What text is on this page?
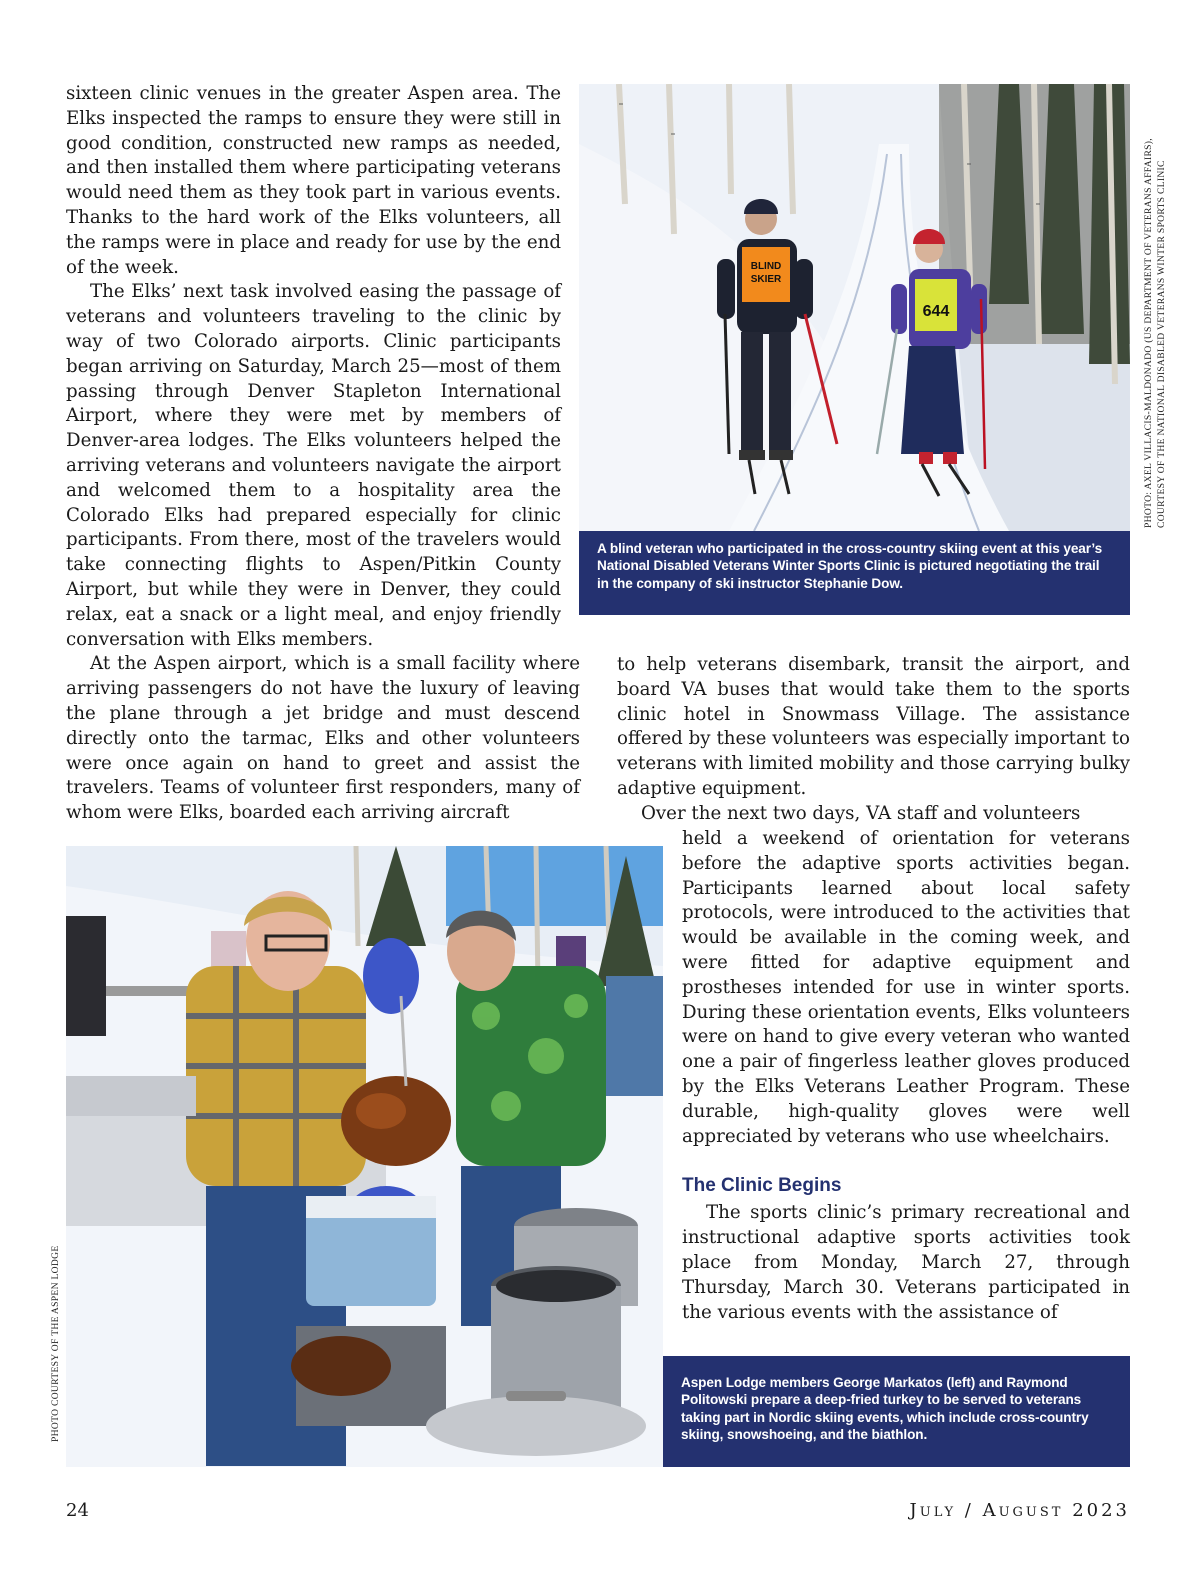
sixteen clinic venues in the greater Aspen area. The Elks inspected the ramps to ensure they were still in good condition, constructed new ramps as needed, and then installed them where participating veterans would need them as they took part in various events. Thanks to the hard work of the Elks volunteers, all the ramps were in place and ready for use by the end of the week.

The Elks’ next task involved easing the passage of veterans and volunteers traveling to the clinic by way of two Colorado airports. Clinic participants began arriving on Saturday, March 25—most of them passing through Denver Stapleton International Airport, where they were met by members of Denver-area lodges. The Elks volunteers helped the arriving veterans and volunteers navigate the airport and welcomed them to a hospitality area the Colorado Elks had prepared especially for clinic participants. From there, most of the travelers would take connecting flights to Aspen/Pitkin County Airport, but while they were in Denver, they could relax, eat a snack or a light meal, and enjoy friendly conversation with Elks members.

At the Aspen airport, which is a small facility where arriving passengers do not have the luxury of leaving the plane through a jet bridge and must descend directly onto the tarmac, Elks and other volunteers were once again on hand to greet and assist the travelers. Teams of volunteer first responders, many of whom were Elks, boarded each arriving aircraft

BLIND
SKIER
644
A blind veteran who participated in the cross-country skiing event at this year’s National Disabled Veterans Winter Sports Clinic is pictured negotiating the trail in the company of ski instructor Stephanie Dow.
PHOTO: AXEL VILLACIS-MALDONADO (US DEPARTMENT OF VETERANS AFFAIRS), COURTESY OF THE NATIONAL DISABLED VETERANS WINTER SPORTS CLINIC

to help veterans disembark, transit the airport, and board VA buses that would take them to the sports clinic hotel in Snowmass Village. The assistance offered by these volunteers was especially important to veterans with limited mobility and those carrying bulky adaptive equipment.

Over the next two days, VA staff and volunteers

held a weekend of orientation for veterans before the adaptive sports activities began. Participants learned about local safety protocols, were introduced to the activities that would be available in the coming week, and were fitted for adaptive equipment and prostheses intended for use in winter sports. During these orientation events, Elks volunteers were on hand to give every veteran who wanted one a pair of fingerless leather gloves produced by the Elks Veterans Leather Program. These durable, high-quality gloves were well appreciated by veterans who use wheelchairs.

The Clinic Begins

The sports clinic’s primary recreational and instructional adaptive sports activities took place from Monday, March 27, through Thursday, March 30. Veterans participated in the various events with the assistance of

Aspen Lodge members George Markatos (left) and Raymond Politowski prepare a deep-fried turkey to be served to veterans taking part in Nordic skiing events, which include cross-country skiing, snowshoeing, and the biathlon.
PHOTO COURTESY OF THE ASPEN LODGE
24	July / August 2023
